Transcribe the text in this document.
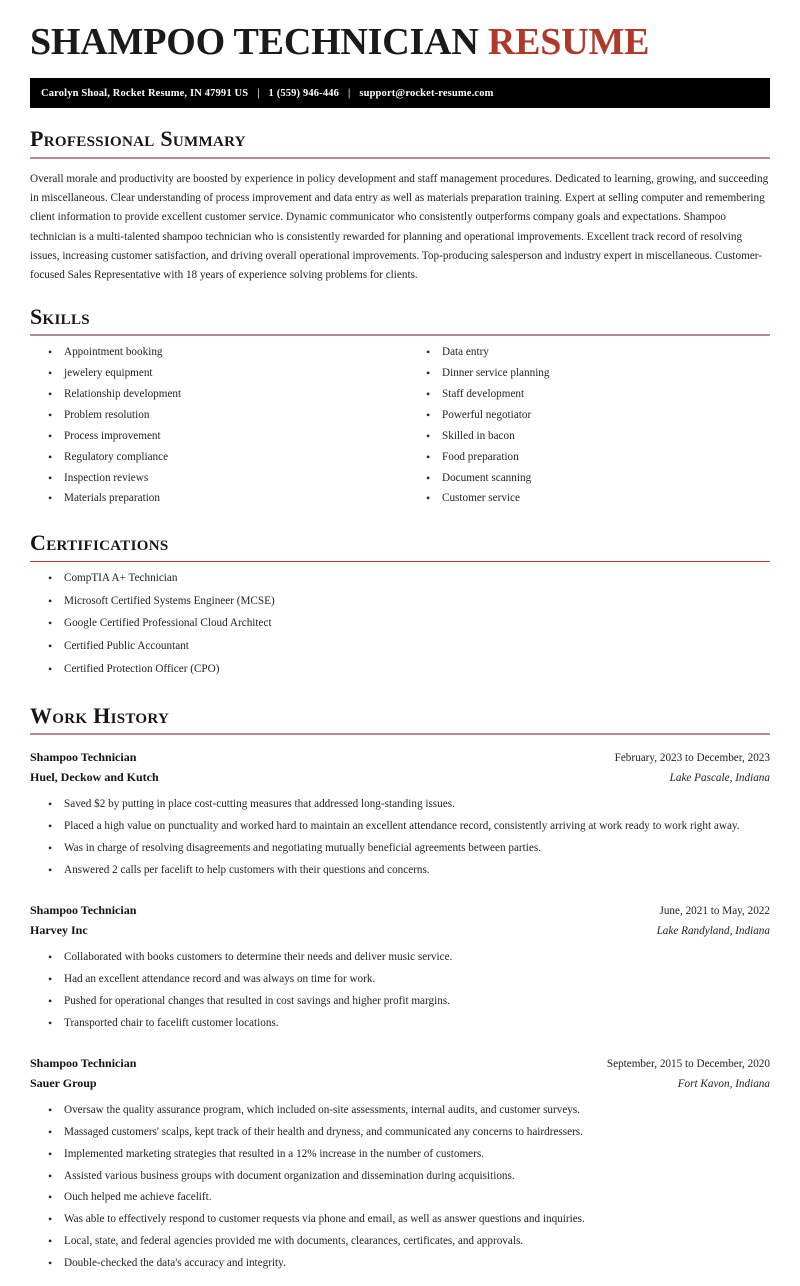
SHAMPOO TECHNICIAN RESUME
Carolyn Shoal, Rocket Resume, IN 47991 US | 1 (559) 946-446 | support@rocket-resume.com
Professional Summary

Overall morale and productivity are boosted by experience in policy development and staff management procedures. Dedicated to learning, growing, and succeeding in miscellaneous. Clear understanding of process improvement and data entry as well as materials preparation training. Expert at selling computer and remembering client information to provide excellent customer service. Dynamic communicator who consistently outperforms company goals and expectations. Shampoo technician is a multi-talented shampoo technician who is consistently rewarded for planning and operational improvements. Excellent track record of resolving issues, increasing customer satisfaction, and driving overall operational improvements. Top-producing salesperson and industry expert in miscellaneous. Customer-focused Sales Representative with 18 years of experience solving problems for clients.

Skills
• Appointment booking
• jewelery equipment
• Relationship development
• Problem resolution
• Process improvement
• Regulatory compliance
• Inspection reviews
• Materials preparation
• Data entry
• Dinner service planning
• Staff development
• Powerful negotiator
• Skilled in bacon
• Food preparation
• Document scanning
• Customer service
Certifications
• CompTIA A+ Technician
• Microsoft Certified Systems Engineer (MCSE)
• Google Certified Professional Cloud Architect
• Certified Public Accountant
• Certified Protection Officer (CPO)
Work History
Shampoo Technician	February, 2023 to December, 2023
Huel, Deckow and Kutch	Lake Pascale, Indiana
• Saved $2 by putting in place cost-cutting measures that addressed long-standing issues.
• Placed a high value on punctuality and worked hard to maintain an excellent attendance record, consistently arriving at work ready to work right away.
• Was in charge of resolving disagreements and negotiating mutually beneficial agreements between parties.
• Answered 2 calls per facelift to help customers with their questions and concerns.
Shampoo Technician	June, 2021 to May, 2022
Harvey Inc	Lake Randyland, Indiana
• Collaborated with books customers to determine their needs and deliver music service.
• Had an excellent attendance record and was always on time for work.
• Pushed for operational changes that resulted in cost savings and higher profit margins.
• Transported chair to facelift customer locations.
Shampoo Technician	September, 2015 to December, 2020
Sauer Group	Fort Kavon, Indiana
• Oversaw the quality assurance program, which included on-site assessments, internal audits, and customer surveys.
• Massaged customers' scalps, kept track of their health and dryness, and communicated any concerns to hairdressers.
• Implemented marketing strategies that resulted in a 12% increase in the number of customers.
• Assisted various business groups with document organization and dissemination during acquisitions.
• Ouch helped me achieve facelift.
• Was able to effectively respond to customer requests via phone and email, as well as answer questions and inquiries.
• Local, state, and federal agencies provided me with documents, clearances, certificates, and approvals.
• Double-checked the data's accuracy and integrity.
